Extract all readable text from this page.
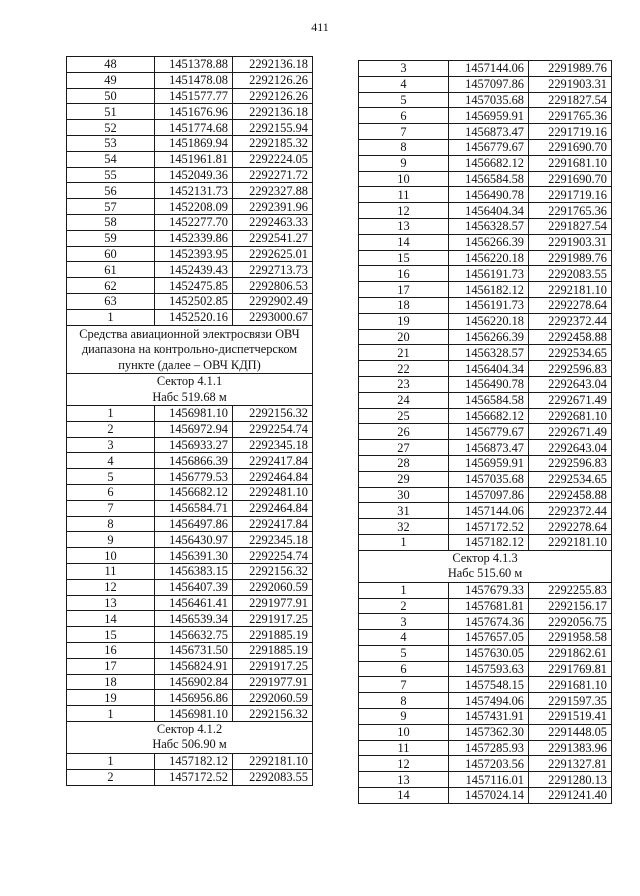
411
48	1451378.88	2292136.18
49	1451478.08	2292126.26
50	1451577.77	2292126.26
51	1451676.96	2292136.18
52	1451774.68	2292155.94
53	1451869.94	2292185.32
54	1451961.81	2292224.05
55	1452049.36	2292271.72
56	1452131.73	2292327.88
57	1452208.09	2292391.96
58	1452277.70	2292463.33
59	1452339.86	2292541.27
60	1452393.95	2292625.01
61	1452439.43	2292713.73
62	1452475.85	2292806.53
63	1452502.85	2292902.49
1	1452520.16	2293000.67
Средства авиационной электросвязи ОВЧ диапазона на контрольно-диспетчерском пункте (далее – ОВЧ КДП)		

Сектор 4.1.1
Набс 519.68 м		

1	1456981.10	2292156.32
2	1456972.94	2292254.74
3	1456933.27	2292345.18
4	1456866.39	2292417.84
5	1456779.53	2292464.84
6	1456682.12	2292481.10
7	1456584.71	2292464.84
8	1456497.86	2292417.84
9	1456430.97	2292345.18
10	1456391.30	2292254.74
11	1456383.15	2292156.32
12	1456407.39	2292060.59
13	1456461.41	2291977.91
14	1456539.34	2291917.25
15	1456632.75	2291885.19
16	1456731.50	2291885.19
17	1456824.91	2291917.25
18	1456902.84	2291977.91
19	1456956.86	2292060.59
1	1456981.10	2292156.32

Сектор 4.1.2
Набс 506.90 м		

1	1457182.12	2292181.10
2	1457172.52	2292083.55
3	1457144.06	2291989.76
4	1457097.86	2291903.31
5	1457035.68	2291827.54
6	1456959.91	2291765.36
7	1456873.47	2291719.16
8	1456779.67	2291690.70
9	1456682.12	2291681.10
10	1456584.58	2291690.70
11	1456490.78	2291719.16
12	1456404.34	2291765.36
13	1456328.57	2291827.54
14	1456266.39	2291903.31
15	1456220.18	2291989.76
16	1456191.73	2292083.55
17	1456182.12	2292181.10
18	1456191.73	2292278.64
19	1456220.18	2292372.44
20	1456266.39	2292458.88
21	1456328.57	2292534.65
22	1456404.34	2292596.83
23	1456490.78	2292643.04
24	1456584.58	2292671.49
25	1456682.12	2292681.10
26	1456779.67	2292671.49
27	1456873.47	2292643.04
28	1456959.91	2292596.83
29	1457035.68	2292534.65
30	1457097.86	2292458.88
31	1457144.06	2292372.44
32	1457172.52	2292278.64
1	1457182.12	2292181.10

Сектор 4.1.3
Набс 515.60 м		

1	1457679.33	2292255.83
2	1457681.81	2292156.17
3	1457674.36	2292056.75
4	1457657.05	2291958.58
5	1457630.05	2291862.61
6	1457593.63	2291769.81
7	1457548.15	2291681.10
8	1457494.06	2291597.35
9	1457431.91	2291519.41
10	1457362.30	2291448.05
11	1457285.93	2291383.96
12	1457203.56	2291327.81
13	1457116.01	2291280.13
14	1457024.14	2291241.40
